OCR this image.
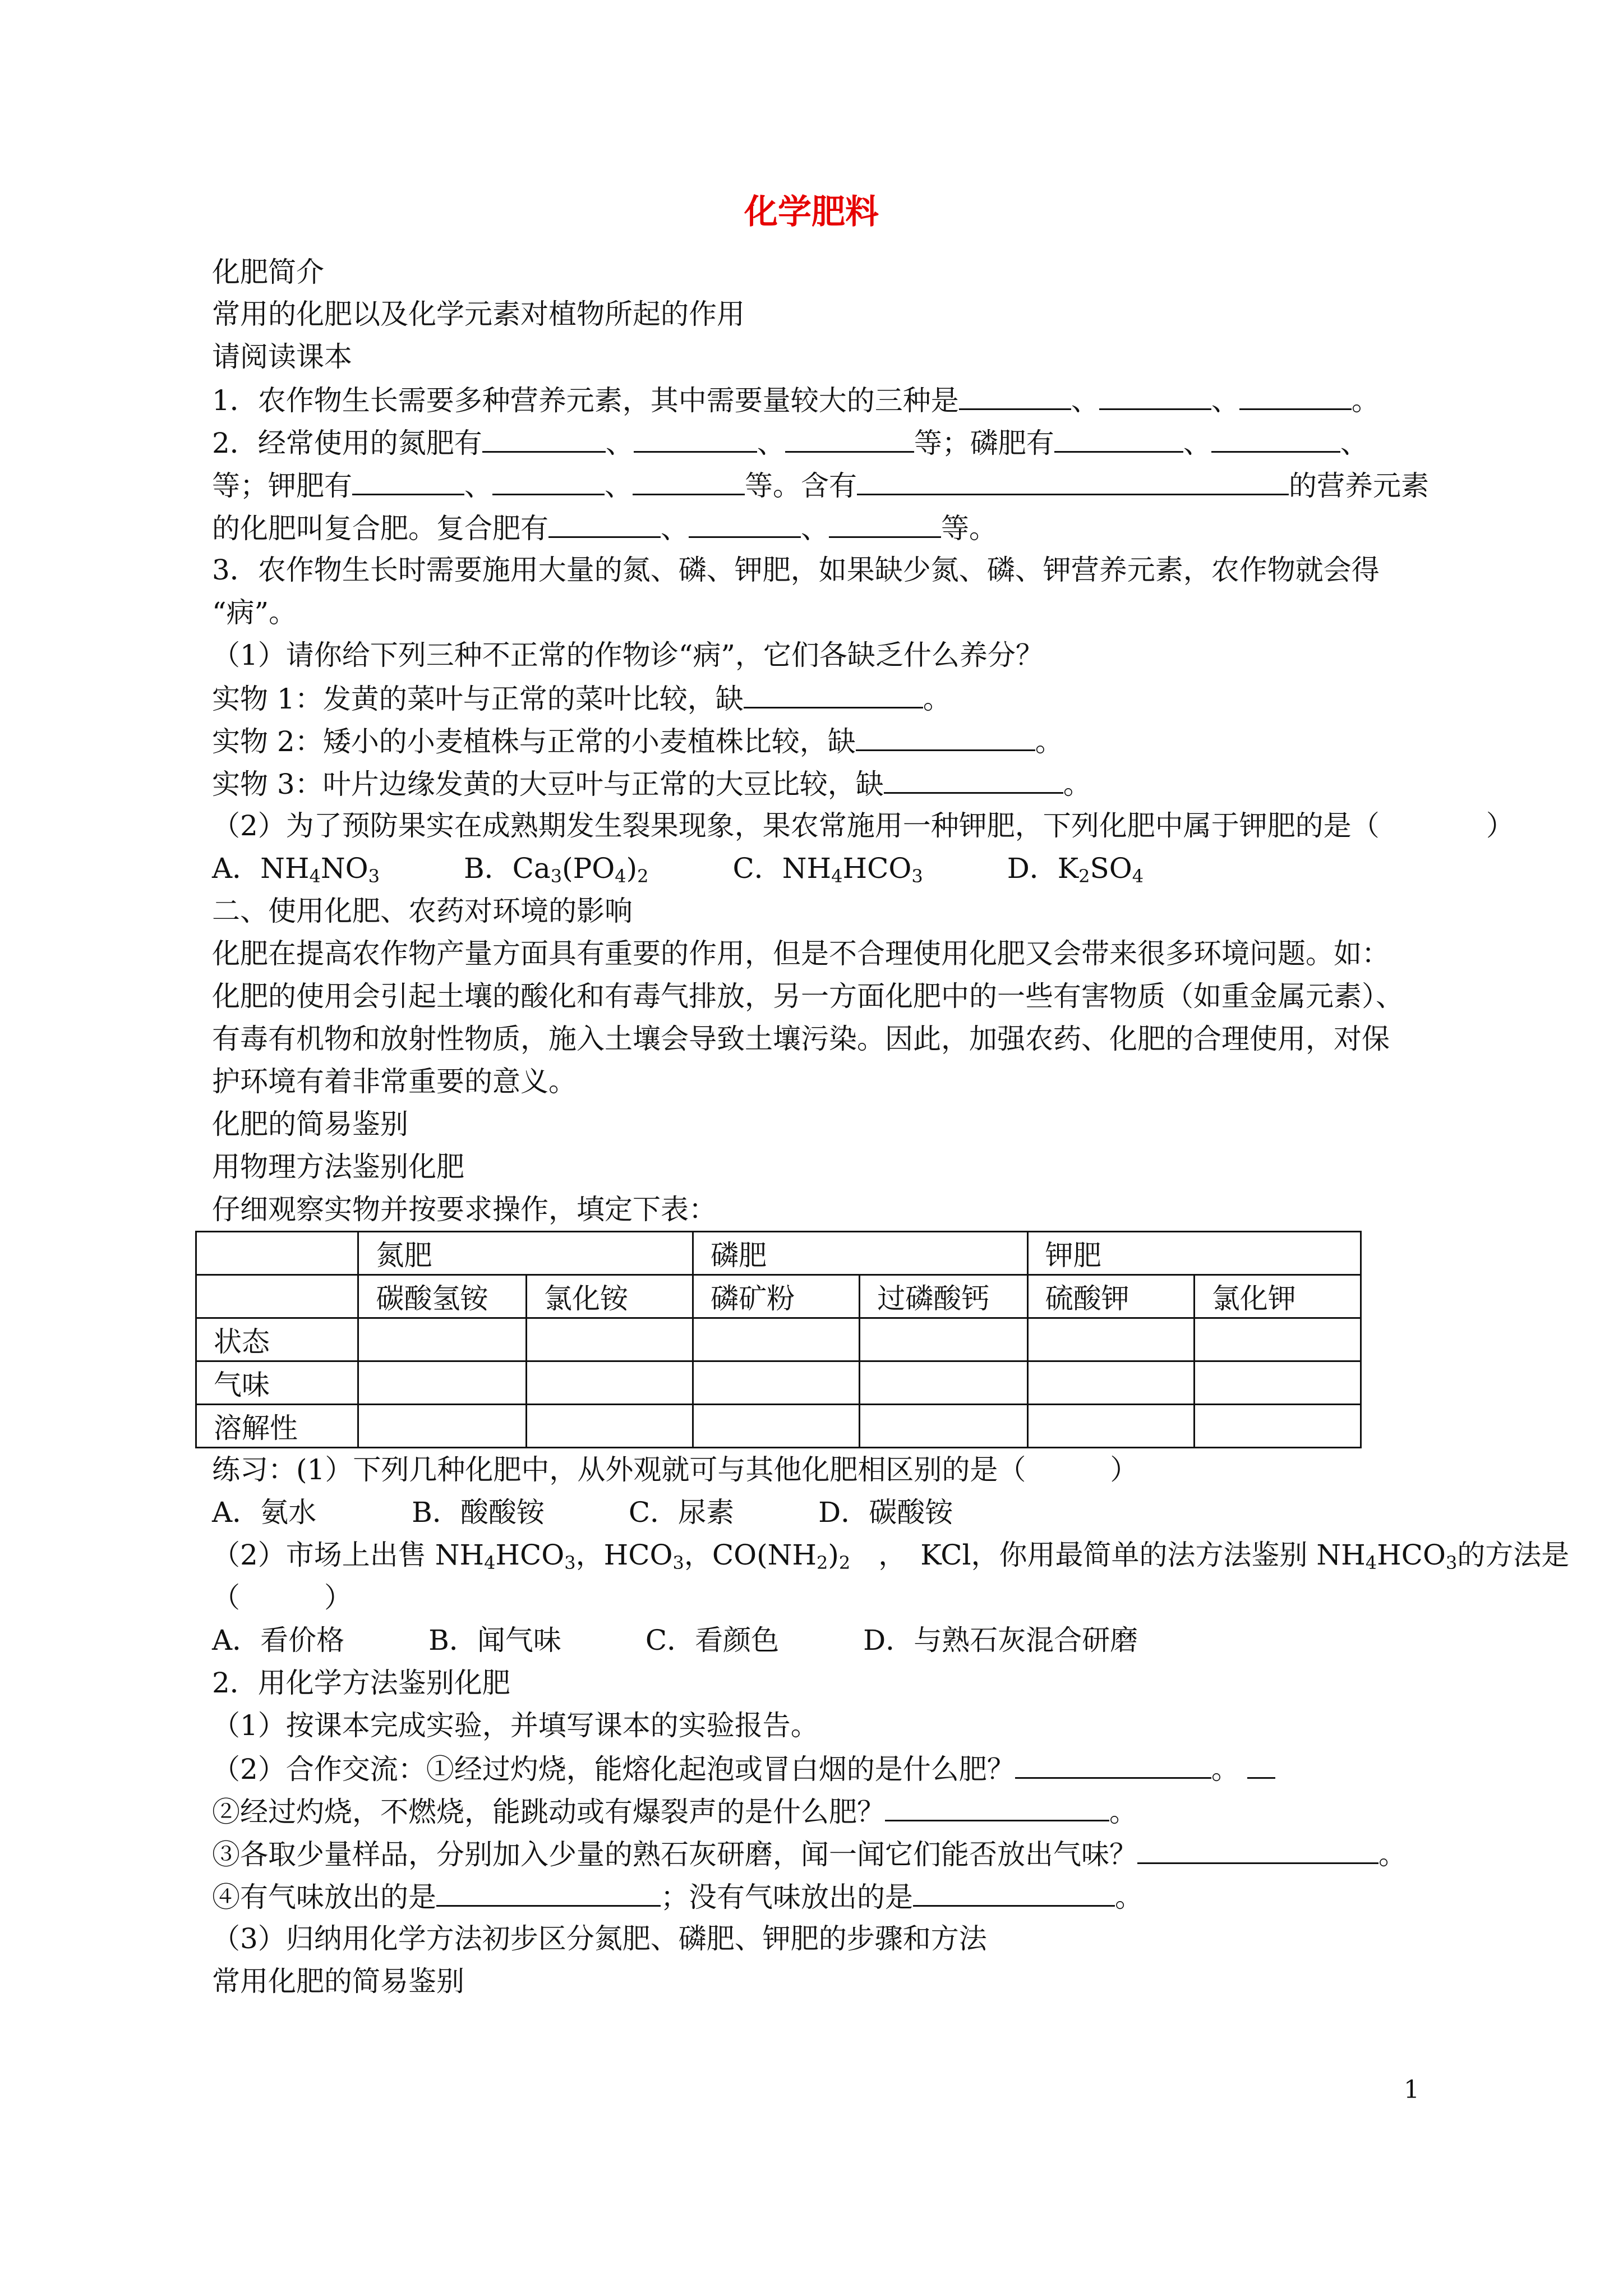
化学肥料

化肥简介

常用的化肥以及化学元素对植物所起的作用

请阅读课本

1．农作物生长需要多种营养元素，其中需要量较大的三种是	、	、	。

2．经常使用的氮肥有	、	、	等；磷肥有	、	、

等；钾肥有	、	、	等。含有	的营养元素

的化肥叫复合肥。复合肥有	、	、	等。

3．农作物生长时需要施用大量的氮、磷、钾肥，如果缺少氮、磷、钾营养元素，农作物就会得

“病”。

（1）请你给下列三种不正常的作物诊“病”，它们各缺乏什么养分？

实物 1：发黄的菜叶与正常的菜叶比较，缺	。

实物 2：矮小的小麦植株与正常的小麦植株比较，缺	。

实物 3：叶片边缘发黄的大豆叶与正常的大豆比较，缺	。

（2）为了预防果实在成熟期发生裂果现象，果农常施用一种钾肥，下列化肥中属于钾肥的是（	）

A．$NH_4NO_3$	B．$Ca_3(PO_4)_2$	C．$NH_4HCO_3$	D．$K_2SO_4$

二、使用化肥、农药对环境的影响

化肥在提高农作物产量方面具有重要的作用，但是不合理使用化肥又会带来很多环境问题。如：

化肥的使用会引起土壤的酸化和有毒气排放，另一方面化肥中的一些有害物质（如重金属元素）、

有毒有机物和放射性物质，施入土壤会导致土壤污染。因此，加强农药、化肥的合理使用，对保

护环境有着非常重要的意义。

化肥的简易鉴别

用物理方法鉴别化肥

仔细观察实物并按要求操作，填定下表：

	氮肥		磷肥		钾肥	
	碳酸氢铵	氯化铵	磷矿粉	过磷酸钙	硫酸钾	氯化钾
状态						
气味						
溶解性						

练习：(1）下列几种化肥中，从外观就可与其他化肥相区别的是（　　　）

A．氨水	B．酸酸铵	C．尿素	D．碳酸铵

（2）市场上出售 $NH_4HCO_3$，$HCO_3$，$CO(NH_2)_2$　，　KCl，你用最简单的法方法鉴别 $NH_4HCO_3$的方法是

（　　　）

A．看价格	B．闻气味	C．看颜色	D．与熟石灰混合研磨

2．用化学方法鉴别化肥

（1）按课本完成实验，并填写课本的实验报告。

（2）合作交流：①经过灼烧，能熔化起泡或冒白烟的是什么肥？	。

②经过灼烧，不燃烧，能跳动或有爆裂声的是什么肥？	。

③各取少量样品，分别加入少量的熟石灰研磨，闻一闻它们能否放出气味？	。

④有气味放出的是	；没有气味放出的是	。

（3）归纳用化学方法初步区分氮肥、磷肥、钾肥的步骤和方法

常用化肥的简易鉴别

1
